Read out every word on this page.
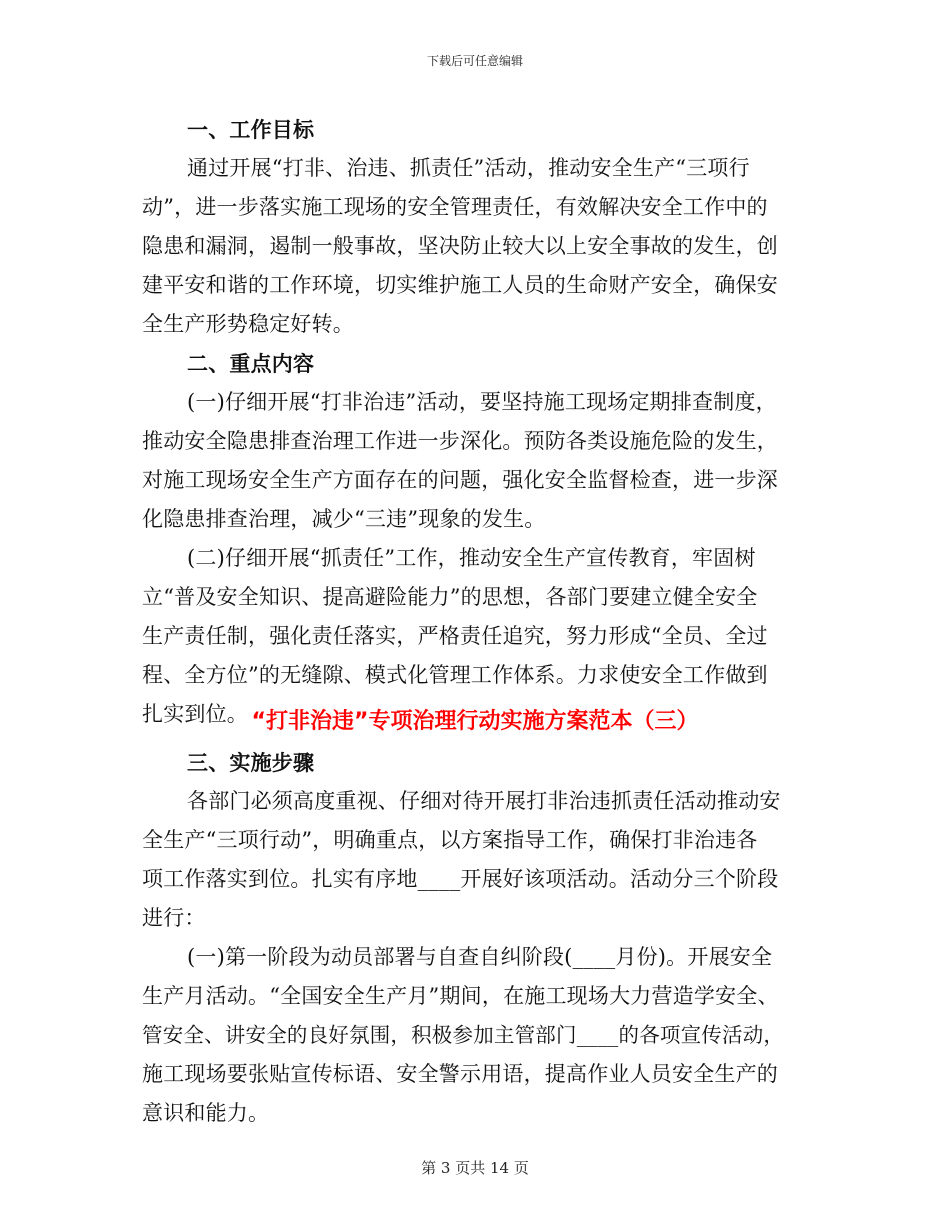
下载后可任意编辑
一、工作目标
通过开展“打非、治违、抓责任”活动，推动安全生产“三项行
动”，进一步落实施工现场的安全管理责任，有效解决安全工作中的
隐患和漏洞，遏制一般事故，坚决防止较大以上安全事故的发生，创
建平安和谐的工作环境，切实维护施工人员的生命财产安全，确保安
全生产形势稳定好转。
二、重点内容
(一)仔细开展“打非治违”活动，要坚持施工现场定期排查制度，
推动安全隐患排查治理工作进一步深化。预防各类设施危险的发生，
对施工现场安全生产方面存在的问题，强化安全监督检查，进一步深
化隐患排查治理，减少“三违”现象的发生。
(二)仔细开展“抓责任”工作，推动安全生产宣传教育，牢固树
立“普及安全知识、提高避险能力”的思想，各部门要建立健全安全
生产责任制，强化责任落实，严格责任追究，努力形成“全员、全过
程、全方位”的无缝隙、模式化管理工作体系。力求使安全工作做到
扎实到位。 “打非治违”专项治理行动实施方案范本（三）
三、实施步骤
各部门必须高度重视、仔细对待开展打非治违抓责任活动推动安
全生产“三项行动”，明确重点，以方案指导工作，确保打非治违各
项工作落实到位。扎实有序地____开展好该项活动。活动分三个阶段
进行：
(一)第一阶段为动员部署与自查自纠阶段(____月份)。开展安全
生产月活动。“全国安全生产月”期间，在施工现场大力营造学安全、
管安全、讲安全的良好氛围，积极参加主管部门____的各项宣传活动，
施工现场要张贴宣传标语、安全警示用语，提高作业人员安全生产的
意识和能力。
第 3 页共 14 页
